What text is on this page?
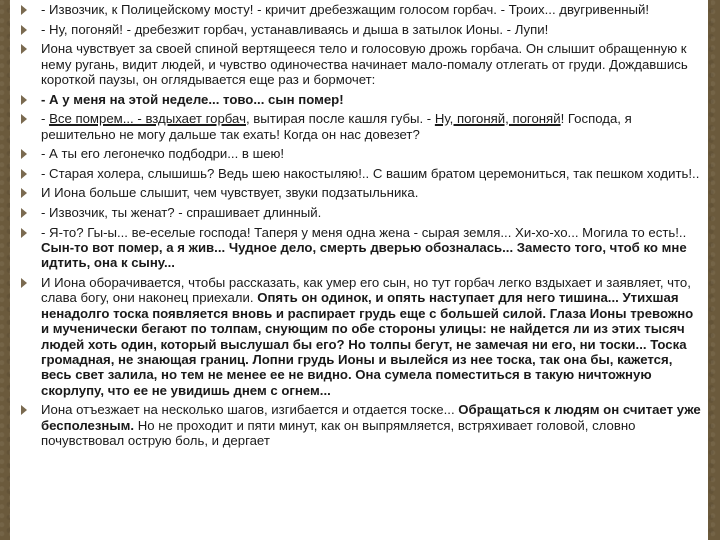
- Извозчик, к Полицейскому мосту! - кричит дребезжащим голосом горбач. - Троих... двугривенный!
- Ну, погоняй! - дребезжит горбач, устанавливаясь и дыша в затылок Ионы. - Лупи!
Иона чувствует за своей спиной вертящееся тело и голосовую дрожь горбача. Он слышит обращенную к нему ругань, видит людей, и чувство одиночества начинает мало-помалу отлегать от груди. Дождавшись короткой паузы, он оглядывается еще раз и бормочет:
- А у меня на этой неделе... тово... сын помер!
- Все помрем... - вздыхает горбач, вытирая после кашля губы. - Ну, погоняй, погоняй! Господа, я решительно не могу дальше так ехать! Когда он нас довезет?
- А ты его легонечко подбодри... в шею!
- Старая холера, слышишь? Ведь шею накостыляю!.. С вашим братом церемониться, так пешком ходить!..
И Иона больше слышит, чем чувствует, звуки подзатыльника.
- Извозчик, ты женат? - спрашивает длинный.
- Я-то? Гы-ы... ве-еселые господа! Таперя у меня одна жена - сырая земля... Хи-хо-хо... Могила то есть!.. Сын-то вот помер, а я жив... Чудное дело, смерть дверью обозналась... Заместо того, чтоб ко мне идтить, она к сыну...
И Иона оборачивается, чтобы рассказать, как умер его сын, но тут горбач легко вздыхает и заявляет, что, слава богу, они наконец приехали. Опять он одинок, и опять наступает для него тишина... Утихшая ненадолго тоска появляется вновь и распирает грудь еще с большей силой. Глаза Ионы тревожно и мученически бегают по толпам, снующим по обе стороны улицы: не найдется ли из этих тысяч людей хоть один, который выслушал бы его? Но толпы бегут, не замечая ни его, ни тоски... Тоска громадная, не знающая границ. Лопни грудь Ионы и вылейся из нее тоска, так она бы, кажется, весь свет залила, но тем не менее ее не видно. Она сумела поместиться в такую ничтожную скорлупу, что ее не увидишь днем с огнем...
Иона отъезжает на несколько шагов, изгибается и отдается тоске... Обращаться к людям он считает уже бесполезным. Но не проходит и пяти минут, как он выпрямляется, встряхивает головой, словно почувствовал острую боль, и дергает
